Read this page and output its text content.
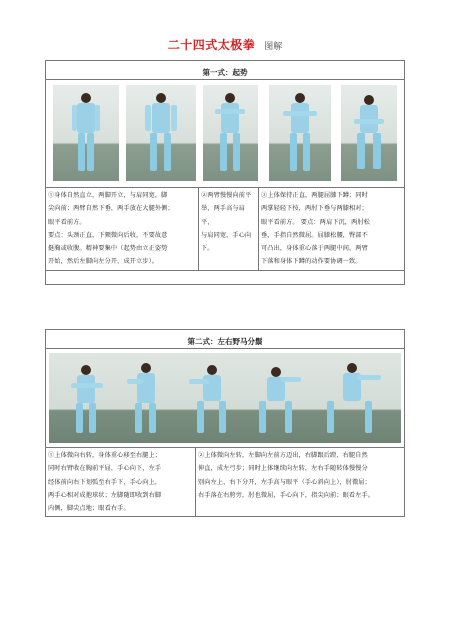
二十四式太极拳 图解
第一式：起势

①身体自然直立，两脚开立，与肩同宽，脚
尖向前；两臂自然下垂，两手放在大腿外侧；
眼平看前方。
要点：头颈正直，下颏微向后收，不要故意
挺胸或收腹。精神要集中（起势由立正姿势
开始，然后左脚向左分开，成开立步）。

②两臂慢慢向前平
举，两手高与肩平，
与肩同宽，手心向
下。

③上体保持正直，两腿屈膝下蹲；同时
两掌轻轻下按，两肘下垂与两膝相对；
眼平看前方。 要点：两肩下沉，两肘松
垂，手指自然微屈。屈膝松腰，臀部不
可凸出，身体重心落于两腿中间。两臂
下落和身体下蹲的动作要协调一致。

第二式：左右野马分鬃

①上体微向右转，身体重心移至右腿上；
同时右臂收在胸前平屈，手心向下，左手
经体前向右下划弧至右手下，手心向上，
两手心相对成抱球状；左脚随即收到右脚
内侧，脚尖点地；眼看右手。

②上体微向左转，左脚向左前方迈出，右脚跟后蹬，右腿自然
伸直，成左弓步；同时上体继续向左转，左右手随转体慢慢分
别向左上、右下分开，左手高与眼平（手心斜向上），肘微屈；
右手落在右胯旁，肘也微屈，手心向下，指尖向前；眼看左手。
